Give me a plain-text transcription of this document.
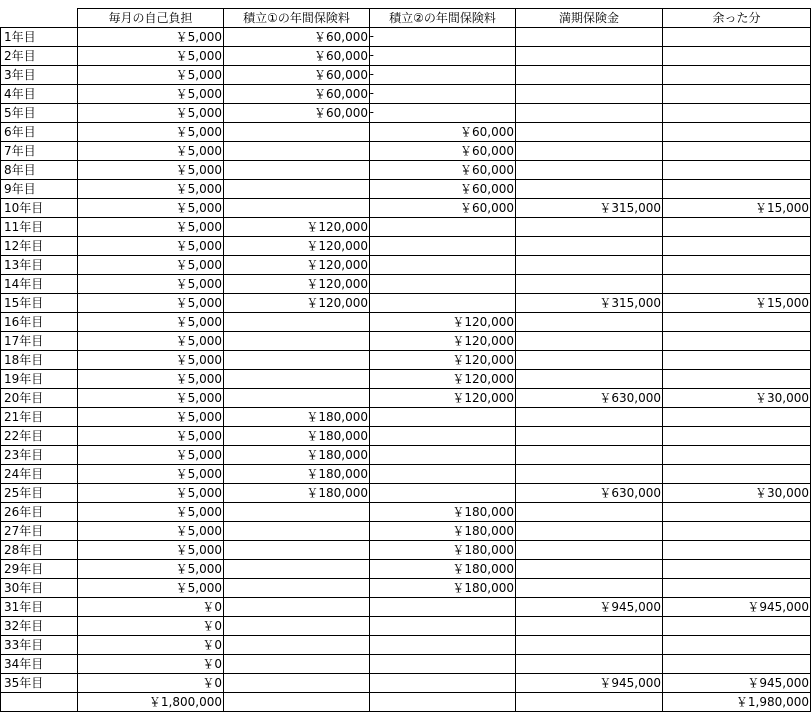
	毎月の自己負担	積立①の年間保険料	積立②の年間保険料	満期保険金	余った分
1年目	￥5,000	￥60,000 -			

2年目	￥5,000	￥60,000 -			

3年目	￥5,000	￥60,000 -			

4年目	￥5,000	￥60,000 -			

5年目	￥5,000	￥60,000 -			

6年目	￥5,000		￥60,000		
7年目	￥5,000		￥60,000		
8年目	￥5,000		￥60,000		
9年目	￥5,000		￥60,000		
10年目	￥5,000		￥60,000	￥315,000	￥15,000
11年目	￥5,000	￥120,000

12年目	￥5,000	￥120,000

13年目	￥5,000	￥120,000

14年目	￥5,000	￥120,000

15年目	￥5,000	￥120,000		￥315,000	￥15,000
16年目	￥5,000		￥120,000		
17年目	￥5,000		￥120,000		
18年目	￥5,000		￥120,000		
19年目	￥5,000		￥120,000		
20年目	￥5,000		￥120,000	￥630,000	￥30,000
21年目	￥5,000	￥180,000

22年目	￥5,000	￥180,000

23年目	￥5,000	￥180,000

24年目	￥5,000	￥180,000

25年目	￥5,000	￥180,000		￥630,000	￥30,000
26年目	￥5,000		￥180,000		
27年目	￥5,000		￥180,000		
28年目	￥5,000		￥180,000		
29年目	￥5,000		￥180,000		
30年目	￥5,000		￥180,000		
31年目	￥0			￥945,000	￥945,000
32年目	￥0	

33年目	￥0	

34年目	￥0	

35年目	￥0			￥945,000	￥945,000
	￥1,800,000				￥1,980,000
